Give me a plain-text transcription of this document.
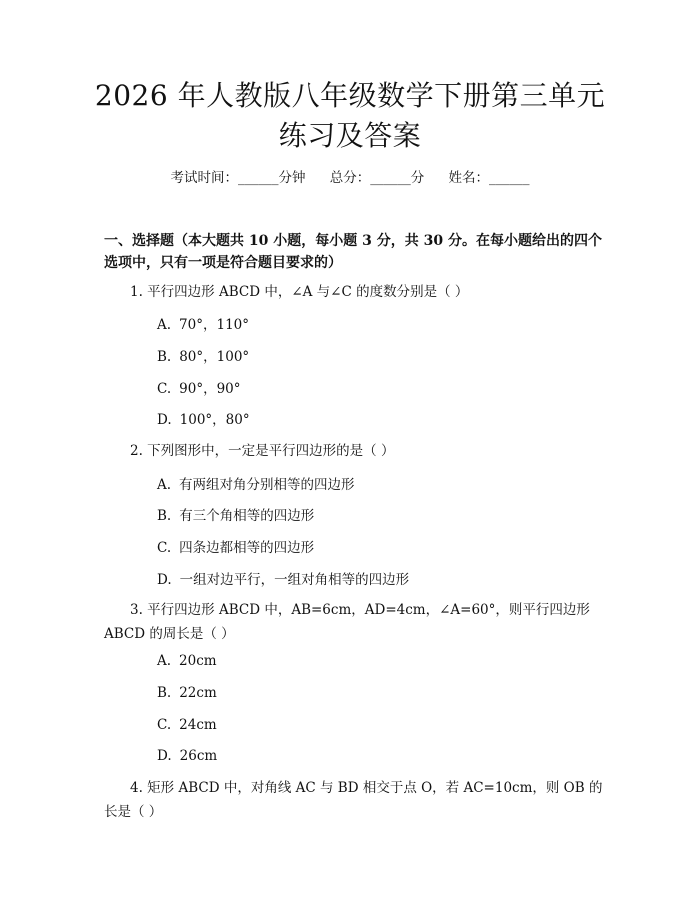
2026 年人教版八年级数学下册第三单元练习及答案
考试时间：______分钟 总分：______分 姓名：______
一、选择题（本大题共 10 小题，每小题 3 分，共 30 分。在每小题给出的四个选项中，只有一项是符合题目要求的）
1. 平行四边形 ABCD 中，∠A 与∠C 的度数分别是（ ）
A. 70°，110°
B. 80°，100°
C. 90°，90°
D. 100°，80°
2. 下列图形中，一定是平行四边形的是（ ）
A. 有两组对角分别相等的四边形
B. 有三个角相等的四边形
C. 四条边都相等的四边形
D. 一组对边平行，一组对角相等的四边形
3. 平行四边形 ABCD 中，AB=6cm，AD=4cm，∠A=60°，则平行四边形 ABCD 的周长是（ ）
A. 20cm
B. 22cm
C. 24cm
D. 26cm
4. 矩形 ABCD 中，对角线 AC 与 BD 相交于点 O，若 AC=10cm，则 OB 的长是（ ）
